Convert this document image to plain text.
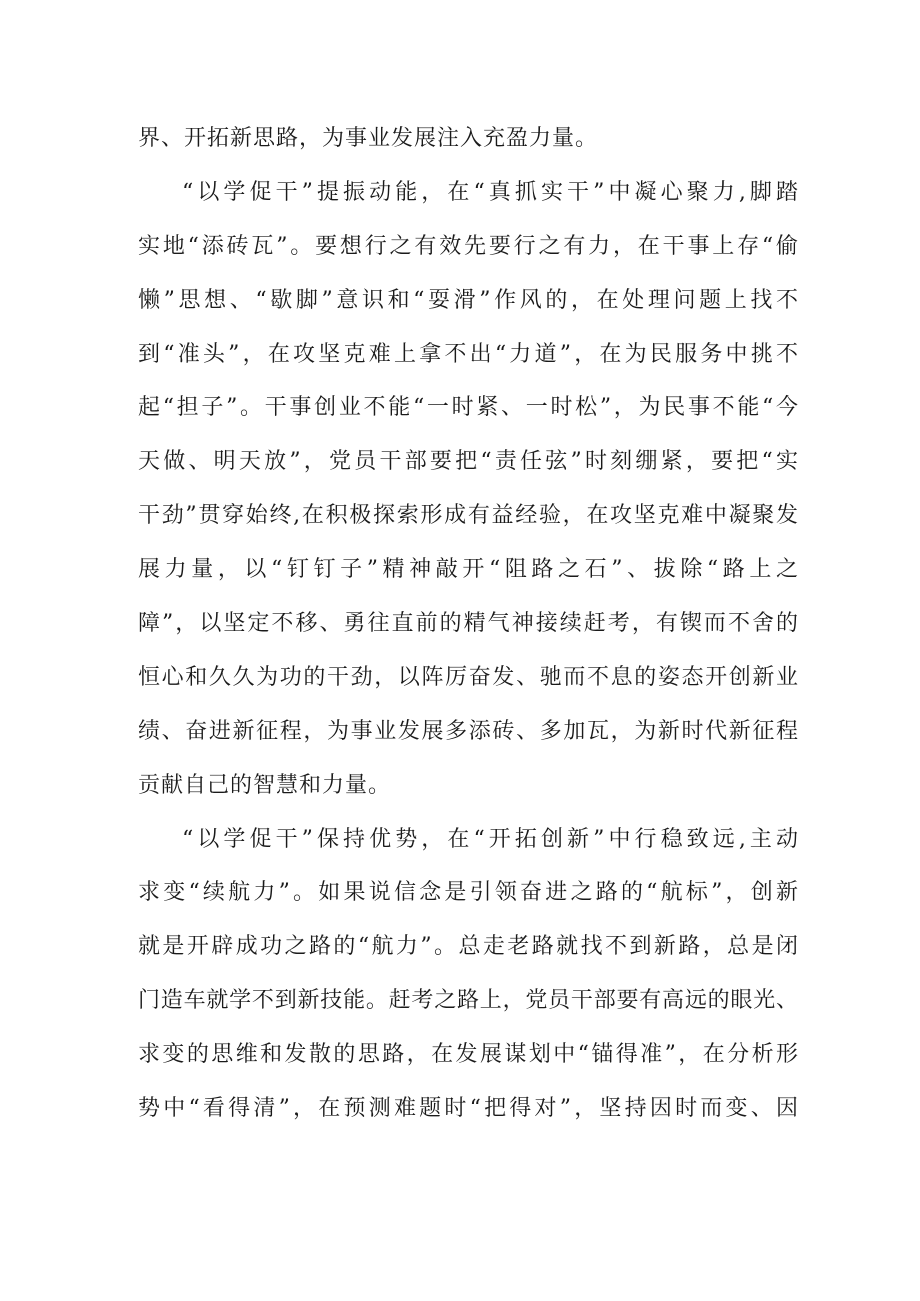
界、开拓新思路，为事业发展注入充盈力量。
“以学促干”提振动能，在“真抓实干”中凝心聚力,脚踏
实地“添砖瓦”。要想行之有效先要行之有力，在干事上存“偷
懒”思想、“歇脚”意识和“耍滑”作风的，在处理问题上找不
到“准头”，在攻坚克难上拿不出“力道”，在为民服务中挑不
起“担子”。干事创业不能“一时紧、一时松”，为民事不能“今
天做、明天放”，党员干部要把“责任弦”时刻绷紧，要把“实
干劲”贯穿始终,在积极探索形成有益经验，在攻坚克难中凝聚发
展力量，以“钉钉子”精神敲开“阻路之石”、拔除“路上之
障”，以坚定不移、勇往直前的精气神接续赶考，有锲而不舍的
恒心和久久为功的干劲，以阵厉奋发、驰而不息的姿态开创新业
绩、奋进新征程，为事业发展多添砖、多加瓦，为新时代新征程
贡献自己的智慧和力量。
“以学促干”保持优势，在“开拓创新”中行稳致远,主动
求变“续航力”。如果说信念是引领奋进之路的“航标”，创新
就是开辟成功之路的“航力”。总走老路就找不到新路，总是闭
门造车就学不到新技能。赶考之路上，党员干部要有高远的眼光、
求变的思维和发散的思路，在发展谋划中“锚得准”，在分析形
势中“看得清”，在预测难题时“把得对”，坚持因时而变、因
